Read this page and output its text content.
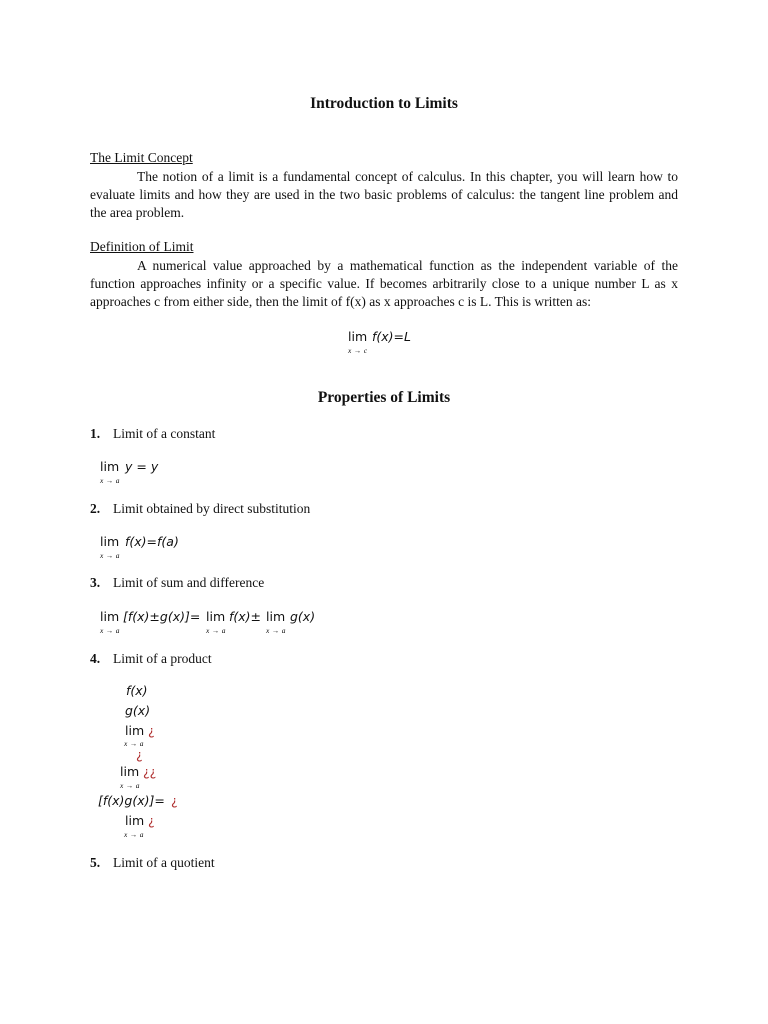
Introduction to Limits
The Limit Concept
The notion of a limit is a fundamental concept of calculus. In this chapter, you will learn how to evaluate limits and how they are used in the two basic problems of calculus: the tangent line problem and the area problem.
Definition of Limit
A numerical value approached by a mathematical function as the independent variable of the function approaches infinity or a specific value. If becomes arbitrarily close to a unique number L as x approaches c from either side, then the limit of f(x) as x approaches c is L. This is written as:
lim
x → c
f(x)=L
Properties of Limits
1. Limit of a constant
lim
x → a
y = y
2. Limit obtained by direct substitution
lim
x → a
f(x)=f(a)
3. Limit of sum and difference
lim
x → a
[f(x)±g(x)]= lim
x → a
f(x)± lim
x → a
g(x)
4. Limit of a product
f(x)
g(x)
lim ¿
x → a
¿
lim ¿¿
x → a
[f(x)g(x)]= ¿
lim ¿
x → a
5. Limit of a quotient
